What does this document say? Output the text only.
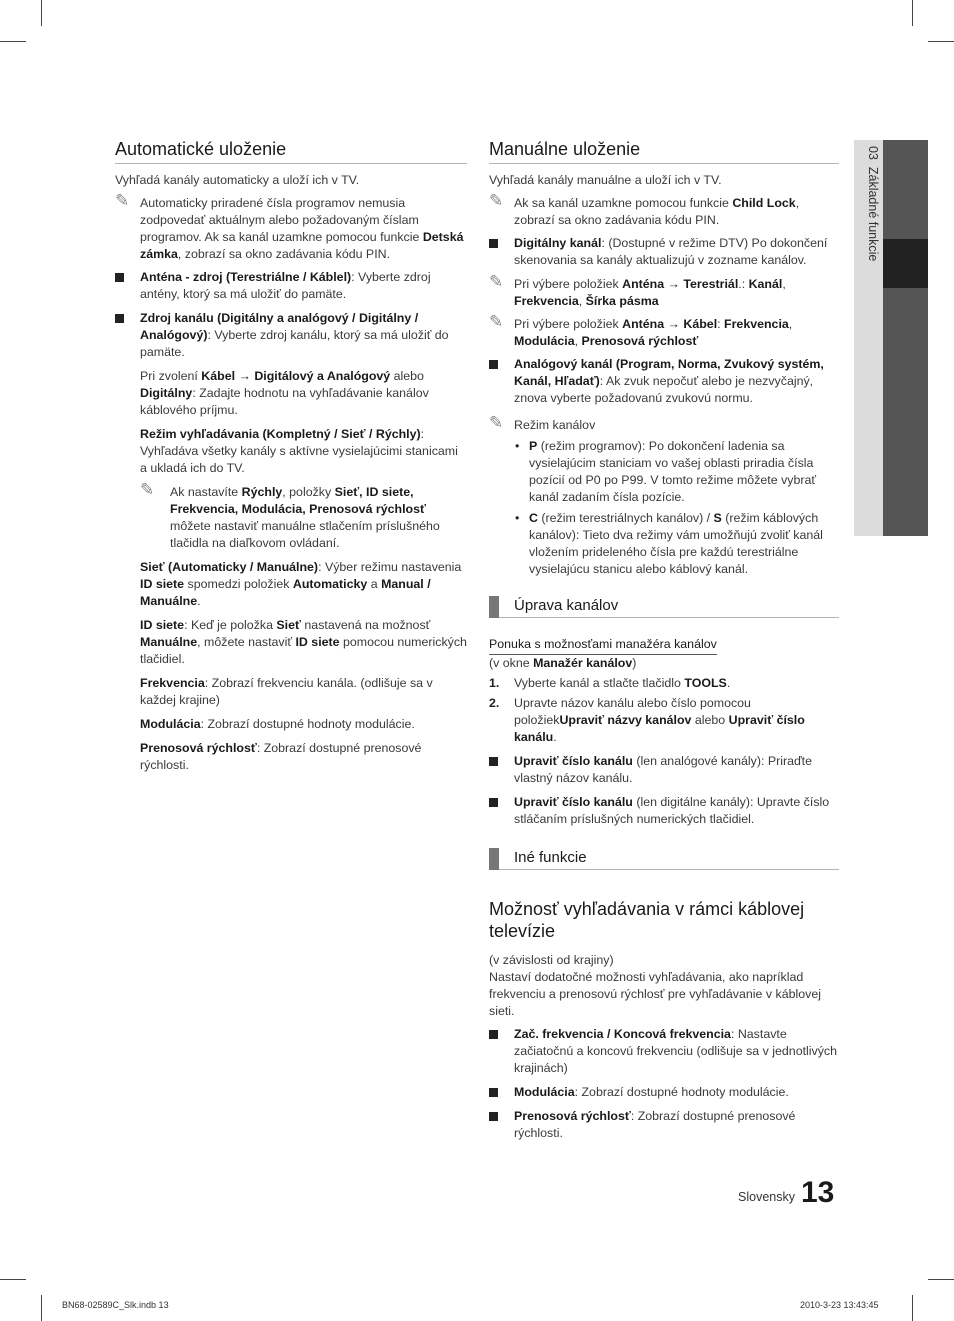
03  Základné funkcie
Automatické uloženie

Vyhľadá kanály automaticky a uloží ich v TV.

✎ Automaticky priradené čísla programov nemusia zodpovedať aktuálnym alebo požadovaným číslam programov. Ak sa kanál uzamkne pomocou funkcie Detská zámka, zobrazí sa okno zadávania kódu PIN.
Anténa - zdroj (Terestriálne / Káblel): Vyberte zdroj antény, ktorý sa má uložiť do pamäte.
Zdroj kanálu (Digitálny a analógový / Digitálny / Analógový): Vyberte zdroj kanálu, ktorý sa má uložiť do pamäte.
Pri zvolení Kábel → Digitálový a Analógový alebo Digitálny: Zadajte hodnotu na vyhľadávanie kanálov káblového príjmu.
Režim vyhľadávania (Kompletný / Sieť / Rýchly): Vyhľadáva všetky kanály s aktívne vysielajúcimi stanicami a ukladá ich do TV.
✎ Ak nastavíte Rýchly, položky Sieť, ID siete, Frekvencia, Modulácia, Prenosová rýchlosť môžete nastaviť manuálne stlačením príslušného tlačidla na diaľkovom ovládaní.
Sieť (Automaticky / Manuálne): Výber režimu nastavenia ID siete spomedzi položiek Automaticky a Manual / Manuálne.
ID siete: Keď je položka Sieť nastavená na možnosť Manuálne, môžete nastaviť ID siete pomocou numerických tlačidiel.
Frekvencia: Zobrazí frekvenciu kanála. (odlišuje sa v každej krajine)
Modulácia: Zobrazí dostupné hodnoty modulácie.
Prenosová rýchlosť: Zobrazí dostupné prenosové rýchlosti.
Manuálne uloženie

Vyhľadá kanály manuálne a uloží ich v TV.

✎ Ak sa kanál uzamkne pomocou funkcie Child Lock, zobrazí sa okno zadávania kódu PIN.
Digitálny kanál: (Dostupné v režime DTV) Po dokončení skenovania sa kanály aktualizujú v zozname kanálov.
✎ Pri výbere položiek Anténa → Terestriál.: Kanál, Frekvencia, Šírka pásma
✎ Pri výbere položiek Anténa → Kábel: Frekvencia, Modulácia, Prenosová rýchlosť
Analógový kanál (Program, Norma, Zvukový systém, Kanál, Hľadať): Ak zvuk nepočuť alebo je nezvyčajný, znova vyberte požadovanú zvukovú normu.
✎ Režim kanálov
• P (režim programov): Po dokončení ladenia sa vysielajúcim staniciam vo vašej oblasti priradia čísla pozícií od P0 po P99. V tomto režime môžete vybrať kanál zadaním čísla pozície.
• C (režim terestriálnych kanálov) / S (režim káblových kanálov): Tieto dva režimy vám umožňujú zvoliť kanál vložením prideleného čísla pre každú terestriálne vysielajúcu stanicu alebo káblový kanál.
Úprava kanálov
Ponuka s možnosťami manažéra kanálov

(v okne Manažér kanálov)

1. Vyberte kanál a stlačte tlačidlo TOOLS.
2. Upravte názov kanálu alebo číslo pomocou položiekUpraviť názvy kanálov alebo Upraviť číslo kanálu.
Upraviť číslo kanálu (len analógové kanály): Priraďte vlastný názov kanálu.
Upraviť číslo kanálu (len digitálne kanály): Upravte číslo stláčaním príslušných numerických tlačidiel.
Iné funkcie
Možnosť vyhľadávania v rámci káblovej televízie

(v závislosti od krajiny)

Nastaví dodatočné možnosti vyhľadávania, ako napríklad frekvenciu a prenosovú rýchlosť pre vyhľadávanie v káblovej sieti.

Zač. frekvencia / Koncová frekvencia: Nastavte začiatočnú a koncovú frekvenciu (odlišuje sa v jednotlivých krajinách)
Modulácia: Zobrazí dostupné hodnoty modulácie.
Prenosová rýchlosť: Zobrazí dostupné prenosové rýchlosti.
Slovensky 13
BN68-02589C_Slk.indb 13	2010-3-23 13:43:45
